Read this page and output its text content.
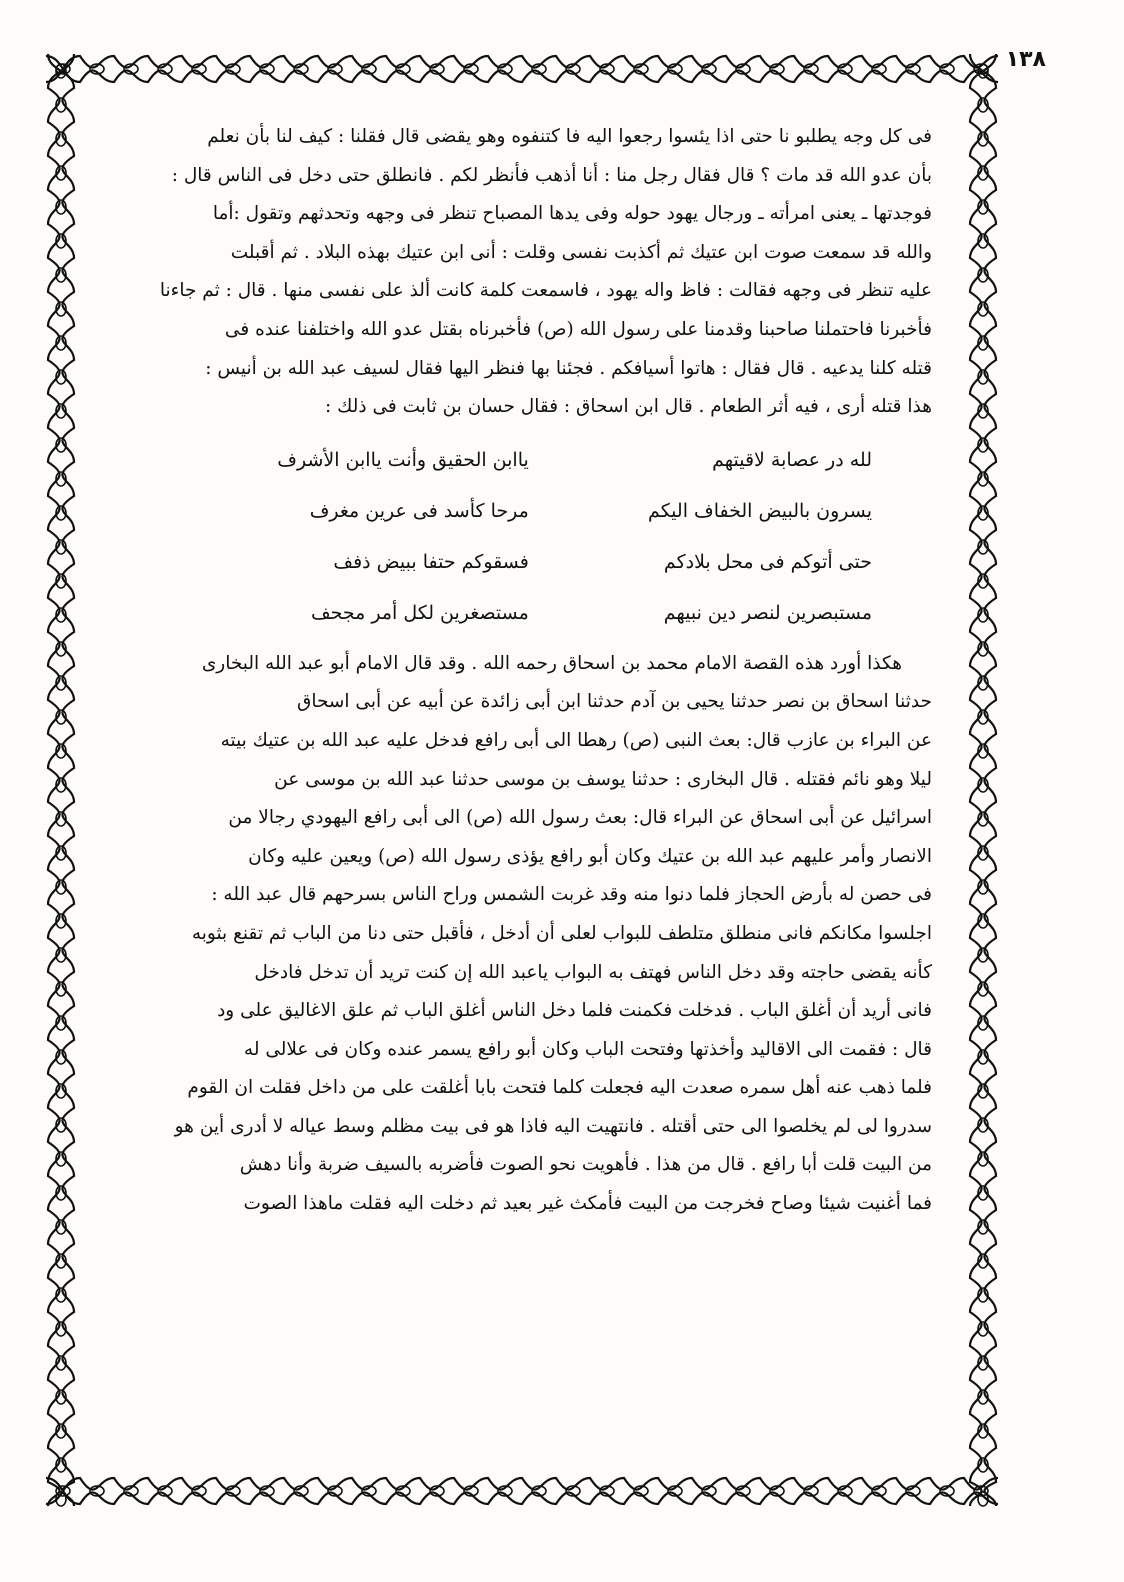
١٣٨

فى كل وجه يطلبو نا حتى اذا يئسوا رجعوا اليه فا كتنفوه وهو يقضى قال فقلنا : كيف لنا بأن نعلم

بأن عدو الله قد مات ؟ قال فقال رجل منا : أنا أذهب فأنظر لكم . فانطلق حتى دخل فى الناس قال :

فوجدتها ـ يعنى امرأته ـ ورجال يهود حوله وفى يدها المصباح تنظر فى وجهه وتحدثهم وتقول :أما

والله قد سمعت صوت ابن عتيك ثم أكذبت نفسى وقلت : أنى ابن عتيك بهذه البلاد . ثم أقبلت

عليه تنظر فى وجهه فقالت : فاظ واله يهود ، فاسمعت كلمة كانت ألذ على نفسى منها . قال : ثم جاءنا

فأخبرنا فاحتملنا صاحبنا وقدمنا على رسول الله (ص) فأخبرناه بقتل عدو الله واختلفنا عنده فى

قتله كلنا يدعيه . قال فقال : هاتوا أسيافكم . فجئنا بها فنظر اليها فقال لسيف عبد الله بن أنيس :

هذا قتله أرى ، فيه أثر الطعام . قال ابن اسحاق : فقال حسان بن ثابت فى ذلك :

لله در عصابة لاقيتهم
ياابن الحقيق وأنت ياابن الأشرف
يسرون بالبيض الخفاف اليكم
مرحا كأسد فى عرين مغرف
حتى أتوكم فى محل بلادكم
فسقوكم حتفا ببيض ذفف
مستبصرين لنصر دين نبيهم
مستصغرين لكل أمر مجحف

هكذا أورد هذه القصة الامام محمد بن اسحاق رحمه الله . وقد قال الامام أبو عبد الله البخارى

حدثنا اسحاق بن نصر حدثنا يحيى بن آدم حدثنا ابن أبى زائدة عن أبيه عن أبى اسحاق

عن البراء بن عازب قال: بعث النبى (ص) رهطا الى أبى رافع فدخل عليه عبد الله بن عتيك بيته

ليلا وهو نائم فقتله . قال البخارى : حدثنا يوسف بن موسى حدثنا عبد الله بن موسى عن

اسرائيل عن أبى اسحاق عن البراء قال: بعث رسول الله (ص) الى أبى رافع اليهودي رجالا من

الانصار وأمر عليهم عبد الله بن عتيك وكان أبو رافع يؤذى رسول الله (ص) ويعين عليه وكان

فى حصن له بأرض الحجاز فلما دنوا منه وقد غربت الشمس وراح الناس بسرحهم قال عبد الله :

اجلسوا مكانكم فانى منطلق متلطف للبواب لعلى أن أدخل ، فأقبل حتى دنا من الباب ثم تقنع بثوبه

كأنه يقضى حاجته وقد دخل الناس فهتف به البواب ياعبد الله إن كنت تريد أن تدخل فادخل

فانى أريد أن أغلق الباب . فدخلت فكمنت فلما دخل الناس أغلق الباب ثم علق الاغاليق على ود

قال : فقمت الى الاقاليد وأخذتها وفتحت الباب وكان أبو رافع يسمر عنده وكان فى علالى له

فلما ذهب عنه أهل سمره صعدت اليه فجعلت كلما فتحت بابا أغلقت على من داخل فقلت ان القوم

سدروا لى لم يخلصوا الى حتى أقتله . فانتهيت اليه فاذا هو فى بيت مظلم وسط عياله لا أدرى أين هو

من البيت قلت أبا رافع . قال من هذا . فأهويت نحو الصوت فأضربه بالسيف ضربة وأنا دهش

فما أغنيت شيئا وصاح فخرجت من البيت فأمكث غير بعيد ثم دخلت اليه فقلت ماهذا الصوت
